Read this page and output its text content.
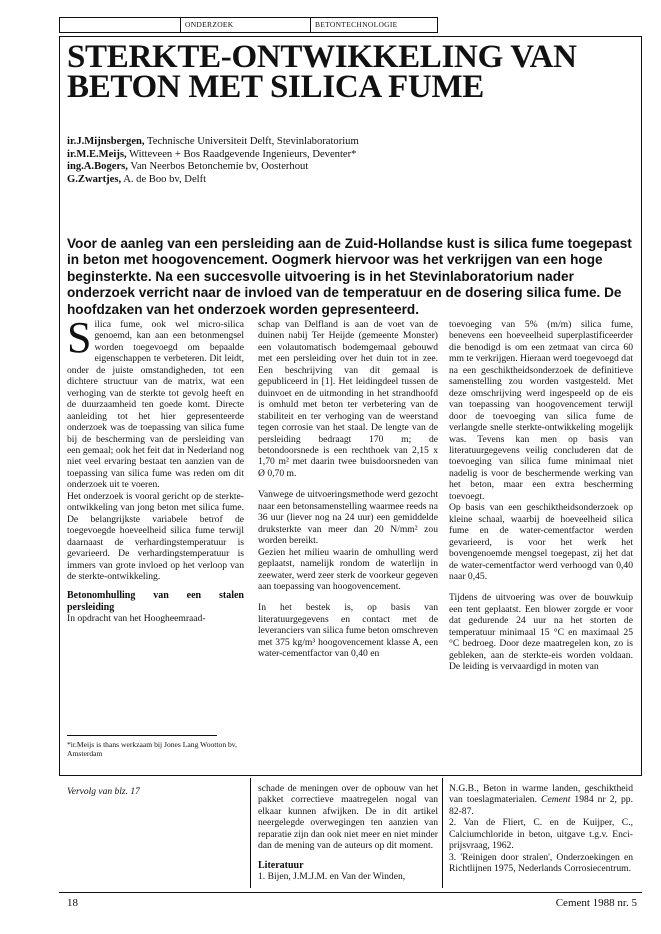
ONDERZOEK	BETONTECHNOLOGIE
STERKTE-ONTWIKKELING VAN BETON MET SILICA FUME
ir.J.Mijnsbergen, Technische Universiteit Delft, Stevinlaboratorium
ir.M.E.Meijs, Witteveen + Bos Raadgevende Ingenieurs, Deventer*
ing.A.Bogers, Van Neerbos Betonchemie bv, Oosterhout
G.Zwartjes, A. de Boo bv, Delft

Voor de aanleg van een persleiding aan de Zuid-Hollandse kust is silica fume toegepast in beton met hoogovencement. Oogmerk hiervoor was het verkrijgen van een hoge beginsterkte. Na een succesvolle uitvoering is in het Stevinlaboratorium nader onderzoek verricht naar de invloed van de temperatuur en de dosering silica fume. De hoofdzaken van het onderzoek worden gepresenteerd.

Silica fume, ook wel micro-silica genoemd, kan aan een betonmengsel worden toegevoegd om bepaalde eigenschappen te verbeteren. Dit leidt, onder de juiste omstandigheden, tot een dichtere structuur van de matrix, wat een verhoging van de sterkte tot gevolg heeft en de duurzaamheid ten goede komt. Directe aanleiding tot het hier gepresenteerde onderzoek was de toepassing van silica fume bij de bescherming van de persleiding van een gemaal; ook het feit dat in Nederland nog niet veel ervaring bestaat ten aanzien van de toepassing van silica fume was reden om dit onderzoek uit te voeren.

Het onderzoek is vooral gericht op de sterkte-ontwikkeling van jong beton met silica fume. De belangrijkste variabele betrof de toegevoegde hoeveelheid silica fume terwijl daarnaast de verhardingstemperatuur is gevarieerd. De verhardingstemperatuur is immers van grote invloed op het verloop van de sterkte-ontwikkeling.

Betonomhulling van een stalen persleiding

In opdracht van het Hoogheemraad-

*ir.Meijs is thans werkzaam bij Jones Lang Wootton bv, Amsterdam

schap van Delfland is aan de voet van de duinen nabij Ter Heijde (gemeente Monster) een volautomatisch bodemgemaal gebouwd met een persleiding over het duin tot in zee. Een beschrijving van dit gemaal is gepubliceerd in [1]. Het leidingdeel tussen de duinvoet en de uitmonding in het strandhoofd is omhuld met beton ter verbetering van de stabiliteit en ter verhoging van de weerstand tegen corrosie van het staal. De lengte van de persleiding bedraagt 170 m; de betondoorsnede is een rechthoek van 2,15 x 1,70 m² met daarin twee buisdoorsneden van Ø 0,70 m.

Vanwege de uitvoeringsmethode werd gezocht naar een betonsamenstelling waarmee reeds na 36 uur (liever nog na 24 uur) een gemiddelde druksterkte van meer dan 20 N/mm² zou worden bereikt.

Gezien het milieu waarin de omhulling werd geplaatst, namelijk rondom de waterlijn in zeewater, werd zeer sterk de voorkeur gegeven aan toepassing van hoogovencement.

In het bestek is, op basis van literatuurgegevens en contact met de leveranciers van silica fume beton omschreven met 375 kg/m³ hoogovencement klasse A, een water-cementfactor van 0,40 en

toevoeging van 5% (m/m) silica fume, benevens een hoeveelheid superplastificeerder die benodigd is om een zetmaat van circa 60 mm te verkrijgen. Hieraan werd toegevoegd dat na een geschiktheidsonderzoek de definitieve samenstelling zou worden vastgesteld. Met deze omschrijving werd ingespeeld op de eis van toepassing van hoogovencement terwijl door de toevoeging van silica fume de verlangde snelle sterkte-ontwikkeling mogelijk was. Tevens kan men op basis van literatuurgegevens veilig concluderen dat de toevoeging van silica fume minimaal niet nadelig is voor de beschermende werking van het beton, maar een extra bescherming toevoegt.

Op basis van een geschiktheidsonderzoek op kleine schaal, waarbij de hoeveelheid silica fume en de water-cementfactor werden gevarieerd, is voor het werk het bovengenoemde mengsel toegepast, zij het dat de water-cementfactor werd verhoogd van 0,40 naar 0,45.

Tijdens de uitvoering was over de bouwkuip een tent geplaatst. Een blower zorgde er voor dat gedurende 24 uur na het storten de temperatuur minimaal 15 °C en maximaal 25 °C bedroeg. Door deze maatregelen kon, zo is gebleken, aan de sterkte-eis worden voldaan. De leiding is vervaardigd in moten van

Vervolg van blz. 17	schade de meningen over de opbouw van het pakket correctieve maatregelen nogal van elkaar kunnen afwijken. De in dit artikel neergelegde overwegingen ten aanzien van reparatie zijn dan ook niet meer en niet minder dan de mening van de auteurs op dit moment.

Literatuur

1. Bijen, J.M.J.M. en Van der Winden,

N.G.B., Beton in warme landen, geschiktheid van toeslagmaterialen. Cement 1984 nr 2, pp. 82-87.

2. Van de Fliert, C. en de Kuijper, C., Calciumchloride in beton, uitgave t.g.v. Enci-prijsvraag, 1962.

3. 'Reinigen door stralen', Onderzoekingen en Richtlijnen 1975, Nederlands Corrosiecentrum.

18	Cement 1988 nr. 5
